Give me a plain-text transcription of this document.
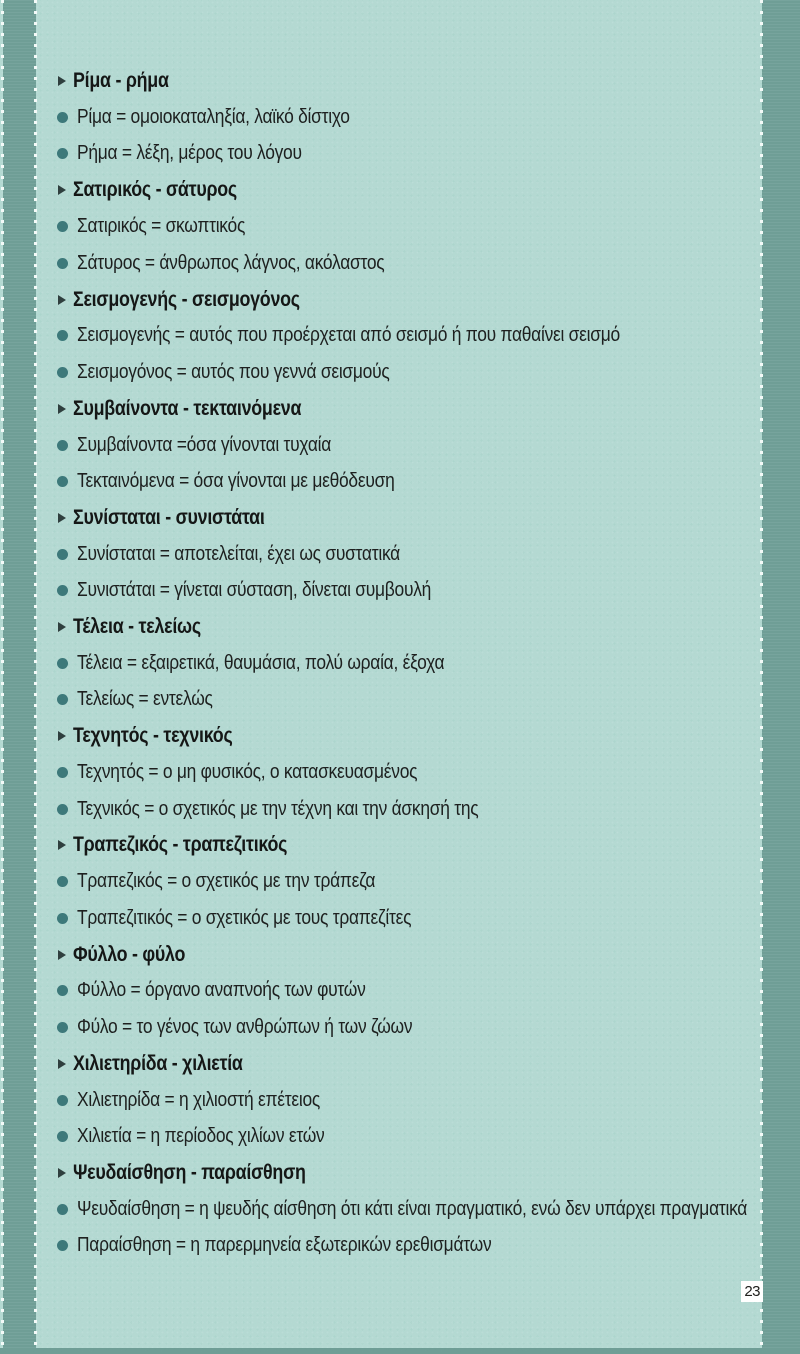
Ρίμα - ρήμα
Ρίμα = ομοιοκαταληξία, λαϊκό δίστιχο
Ρήμα = λέξη, μέρος του λόγου
Σατιρικός - σάτυρος
Σατιρικός = σκωπτικός
Σάτυρος = άνθρωπος λάγνος, ακόλαστος
Σεισμογενής - σεισμογόνος
Σεισμογενής = αυτός που προέρχεται από σεισμό ή που παθαίνει σεισμό
Σεισμογόνος = αυτός που γεννά σεισμούς
Συμβαίνοντα - τεκταινόμενα
Συμβαίνοντα =όσα γίνονται τυχαία
Τεκταινόμενα = όσα γίνονται με μεθόδευση
Συνίσταται - συνιστάται
Συνίσταται = αποτελείται, έχει ως συστατικά
Συνιστάται = γίνεται σύσταση, δίνεται συμβουλή
Τέλεια - τελείως
Τέλεια = εξαιρετικά, θαυμάσια, πολύ ωραία, έξοχα
Τελείως = εντελώς
Τεχνητός - τεχνικός
Τεχνητός = ο μη φυσικός, ο κατασκευασμένος
Τεχνικός = ο σχετικός με την τέχνη και την άσκησή της
Τραπεζικός - τραπεζιτικός
Τραπεζικός = ο σχετικός με την τράπεζα
Τραπεζιτικός = ο σχετικός με τους τραπεζίτες
Φύλλο - φύλο
Φύλλο = όργανο αναπνοής των φυτών
Φύλο = το γένος των ανθρώπων ή των ζώων
Χιλιετηρίδα - χιλιετία
Χιλιετηρίδα = η χιλιοστή επέτειος
Χιλιετία = η περίοδος χιλίων ετών
Ψευδαίσθηση - παραίσθηση
Ψευδαίσθηση = η ψευδής αίσθηση ότι κάτι είναι πραγματικό, ενώ δεν υπάρχει πραγματικά
Παραίσθηση = η παρερμηνεία εξωτερικών ερεθισμάτων
23
